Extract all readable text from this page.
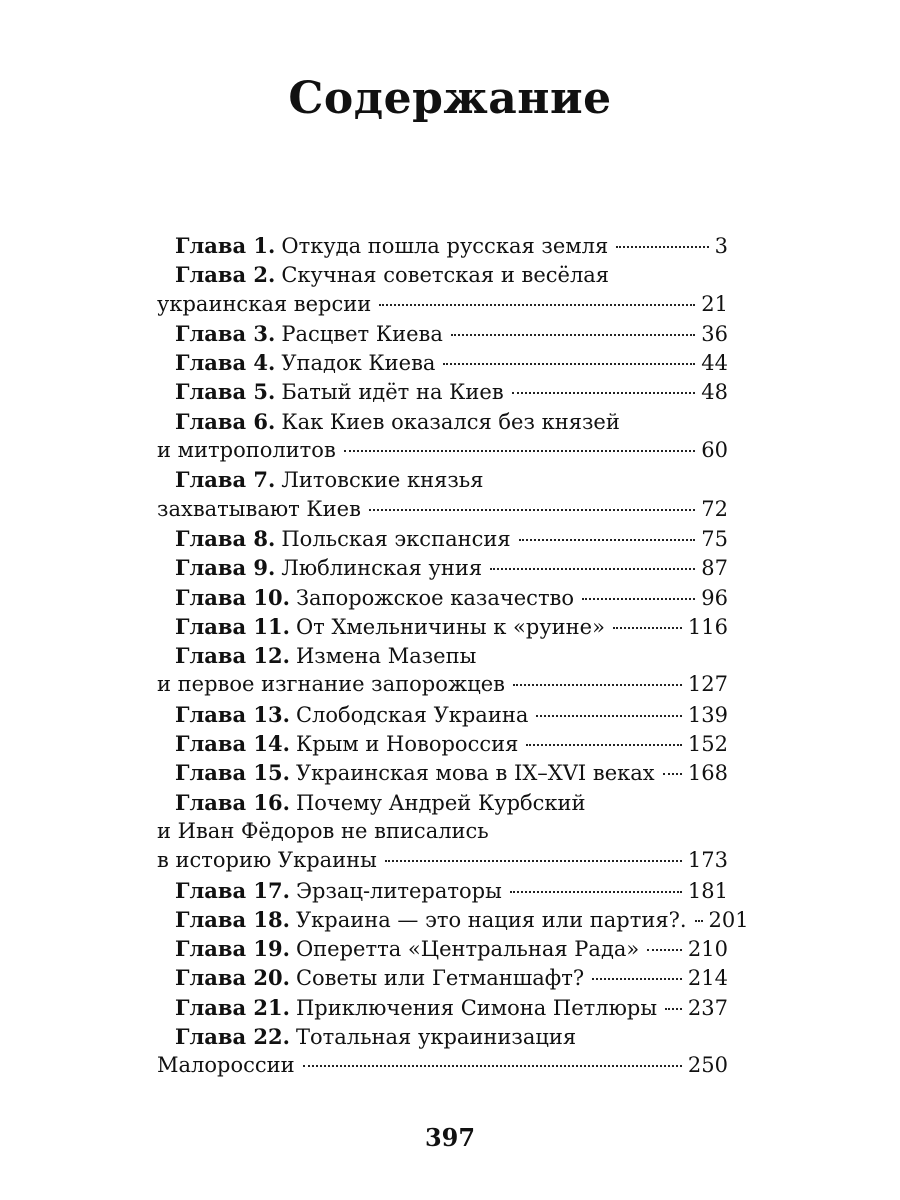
Содержание
Глава 1. Откуда пошла русская земля	3
Глава 2. Скучная советская и весёлая
украинская версии	21
Глава 3. Расцвет Киева	36
Глава 4. Упадок Киева	44
Глава 5. Батый идёт на Киев	48
Глава 6. Как Киев оказался без князей
и митрополитов	60
Глава 7. Литовские князья
захватывают Киев	72
Глава 8. Польская экспансия	75
Глава 9. Люблинская уния	87
Глава 10. Запорожское казачество	96
Глава 11. От Хмельничины к «руине»	116
Глава 12. Измена Мазепы
и первое изгнание запорожцев	127
Глава 13. Слободская Украина	139
Глава 14. Крым и Новороссия	152
Глава 15. Украинская мова в IX–XVI веках 168
Глава 16. Почему Андрей Курбский
и Иван Фёдоров не вписались
в историю Украины	173
Глава 17. Эрзац-литераторы	181
Глава 18. Украина — это нация или партия?. 201
Глава 19. Оперетта «Центральная Рада» 210
Глава 20. Советы или Гетманшафт?	214
Глава 21. Приключения Симона Петлюры 237
Глава 22. Тотальная украинизация
Малороссии	250
397
